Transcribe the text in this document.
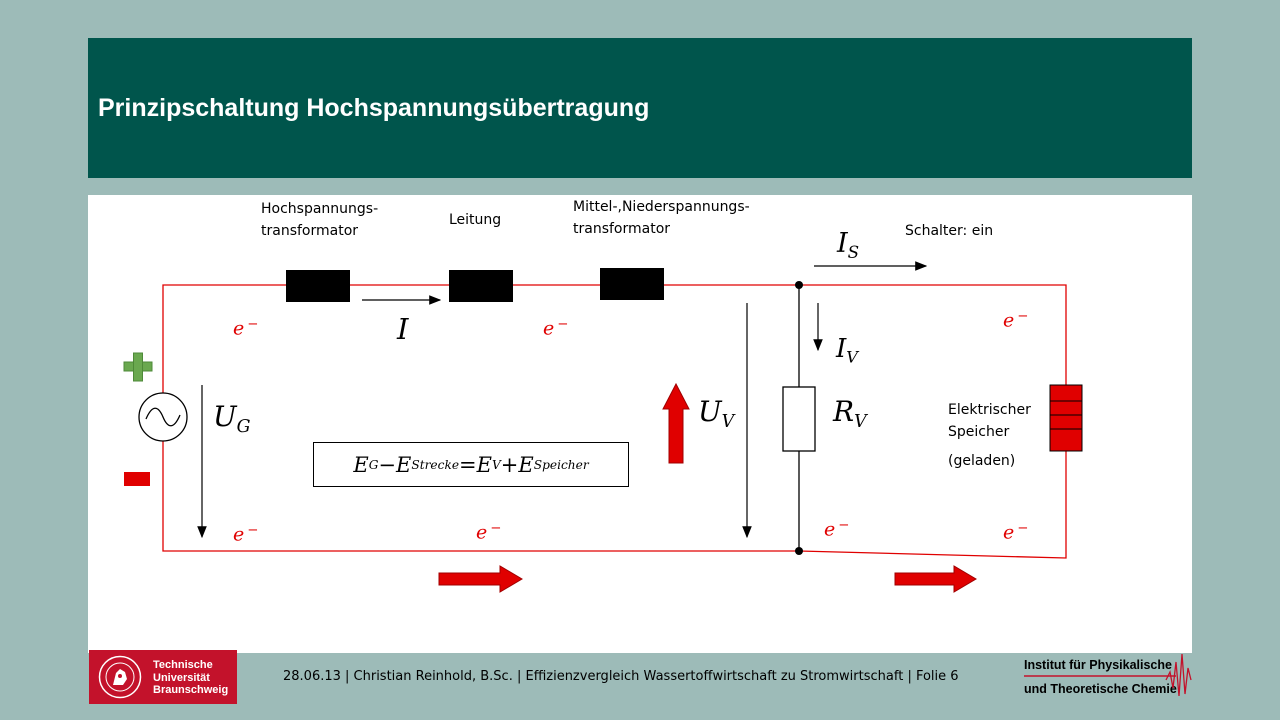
Prinzipschaltung Hochspannungsübertragung
Hochspannungs-
transformator
Leitung
Mittel-,Niederspannungs-
transformator	Schalter: ein
Elektrischer
Speicher
(geladen)
$I_S$
I
$I_V$
$U_G$	$U_V$	$R_V$
e −	e −	e −
e −	e −	e −	e −
E G − E Strecke = E V + E Speicher
Technische
Universität
Braunschweig
28.06.13 | Christian Reinhold, B.Sc. | Effizienzvergleich Wassertoffwirtschaft zu Stromwirtschaft | Folie 6
Institut für Physikalische
und Theoretische Chemie
